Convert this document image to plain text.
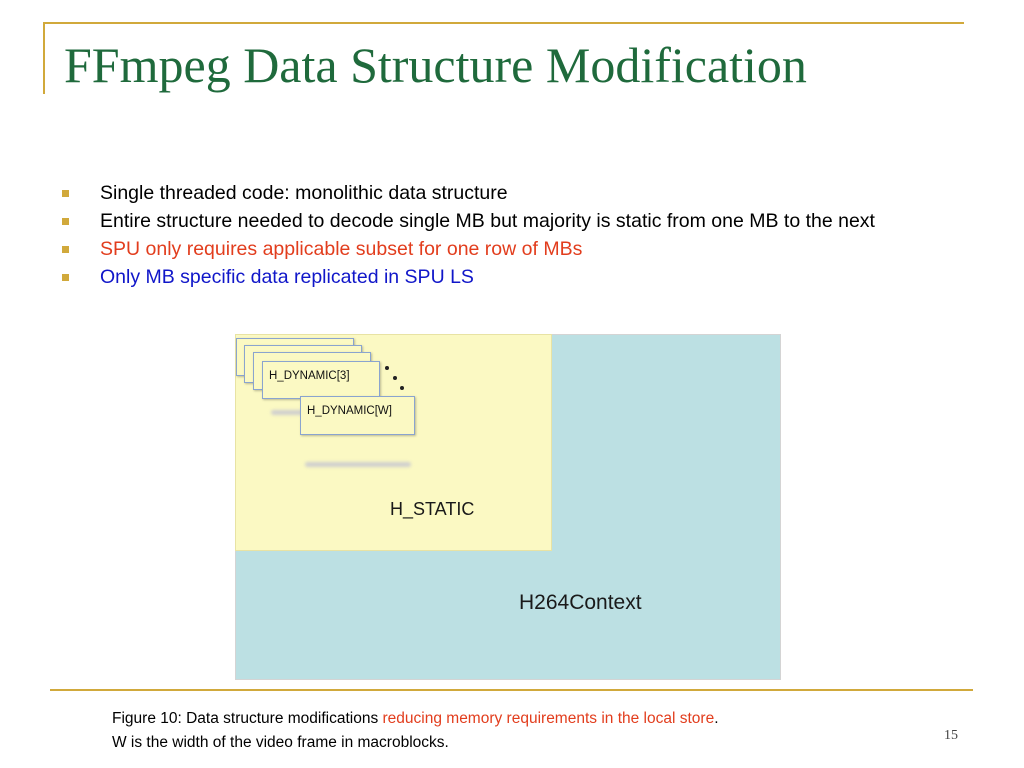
FFmpeg Data Structure Modification
Single threaded code: monolithic data structure
Entire structure needed to decode single MB but majority is static from one MB to the next
SPU only requires applicable subset for one row of MBs
Only MB specific data replicated in SPU LS
H264Context
H_STATIC
H_DYNAMIC[3]
H_DYNAMIC[W]
Figure 10: Data structure modifications reducing memory requirements in the local store.
W is the width of the video frame in macroblocks.	15
